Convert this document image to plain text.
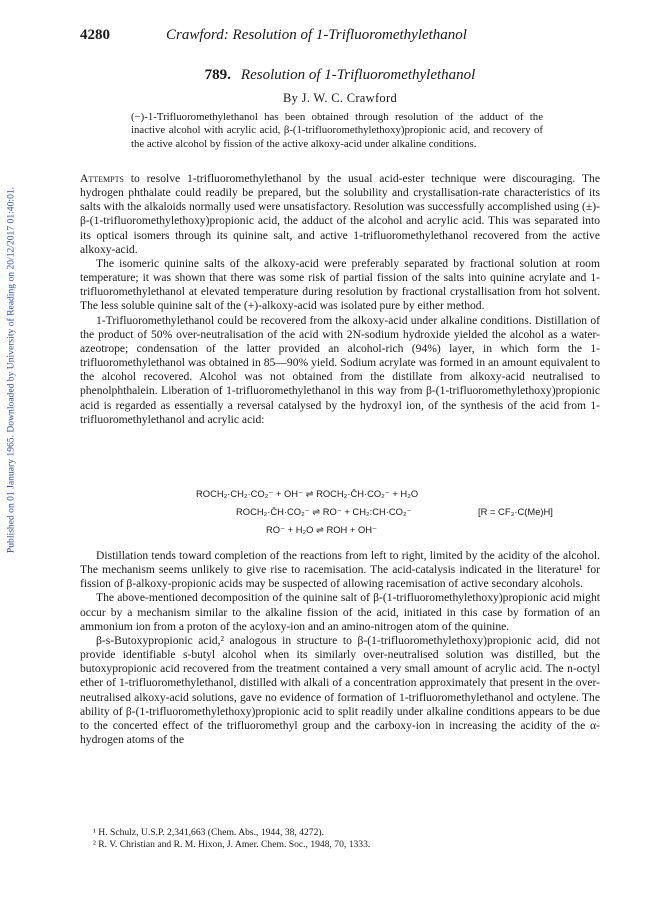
Published on 01 January 1965. Downloaded by University of Reading on 20/12/2017 01:40:01.
4280	Crawford: Resolution of 1-Trifluoromethylethanol
789. Resolution of 1-Trifluoromethylethanol
By J. W. C. Crawford
(−)-1-Trifluoromethylethanol has been obtained through resolution of the adduct of the inactive alcohol with acrylic acid, β-(1-trifluoromethylethoxy)propionic acid, and recovery of the active alcohol by fission of the active alkoxy-acid under alkaline conditions.

Attempts to resolve 1-trifluoromethylethanol by the usual acid-ester technique were discouraging. The hydrogen phthalate could readily be prepared, but the solubility and crystallisation-rate characteristics of its salts with the alkaloids normally used were unsatisfactory. Resolution was successfully accomplished using (±)-β-(1-trifluoromethylethoxy)propionic acid, the adduct of the alcohol and acrylic acid. This was separated into its optical isomers through its quinine salt, and active 1-trifluoromethylethanol recovered from the active alkoxy-acid.

The isomeric quinine salts of the alkoxy-acid were preferably separated by fractional solution at room temperature; it was shown that there was some risk of partial fission of the salts into quinine acrylate and 1-trifluoromethylethanol at elevated temperature during resolution by fractional crystallisation from hot solvent. The less soluble quinine salt of the (+)-alkoxy-acid was isolated pure by either method.

1-Trifluoromethylethanol could be recovered from the alkoxy-acid under alkaline conditions. Distillation of the product of 50% over-neutralisation of the acid with 2N-sodium hydroxide yielded the alcohol as a water-azeotrope; condensation of the latter provided an alcohol-rich (94%) layer, in which form the 1-trifluoromethylethanol was obtained in 85—90% yield. Sodium acrylate was formed in an amount equivalent to the alcohol recovered. Alcohol was not obtained from the distillate from alkoxy-acid neutralised to phenolphthalein. Liberation of 1-trifluoromethylethanol in this way from β-(1-trifluoromethylethoxy)propionic acid is regarded as essentially a reversal catalysed by the hydroxyl ion, of the synthesis of the acid from 1-trifluoromethylethanol and acrylic acid:

ROCH₂·CH₂·CO₂⁻ + OH⁻ ⇌ ROCH₂·C̄H·CO₂⁻ + H₂O
ROCH₂·C̄H·CO₂⁻ ⇌ RO⁻ + CH₂:CH·CO₂⁻	[R = CF₃·C(Me)H]
RO⁻ + H₂O ⇌ ROH + OH⁻

Distillation tends toward completion of the reactions from left to right, limited by the acidity of the alcohol. The mechanism seems unlikely to give rise to racemisation. The acid-catalysis indicated in the literature¹ for fission of β-alkoxy-propionic acids may be suspected of allowing racemisation of active secondary alcohols.

The above-mentioned decomposition of the quinine salt of β-(1-trifluoromethylethoxy)propionic acid might occur by a mechanism similar to the alkaline fission of the acid, initiated in this case by formation of an ammonium ion from a proton of the acyloxy-ion and an amino-nitrogen atom of the quinine.

β-s-Butoxypropionic acid,² analogous in structure to β-(1-trifluoromethylethoxy)propionic acid, did not provide identifiable s-butyl alcohol when its similarly over-neutralised solution was distilled, but the butoxypropionic acid recovered from the treatment contained a very small amount of acrylic acid. The n-octyl ether of 1-trifluoromethylethanol, distilled with alkali of a concentration approximately that present in the over-neutralised alkoxy-acid solutions, gave no evidence of formation of 1-trifluoromethylethanol and octylene. The ability of β-(1-trifluoromethylethoxy)propionic acid to split readily under alkaline conditions appears to be due to the concerted effect of the trifluoromethyl group and the carboxy-ion in increasing the acidity of the α-hydrogen atoms of the

¹ H. Schulz, U.S.P. 2,341,663 (Chem. Abs., 1944, 38, 4272).
² R. V. Christian and R. M. Hixon, J. Amer. Chem. Soc., 1948, 70, 1333.
